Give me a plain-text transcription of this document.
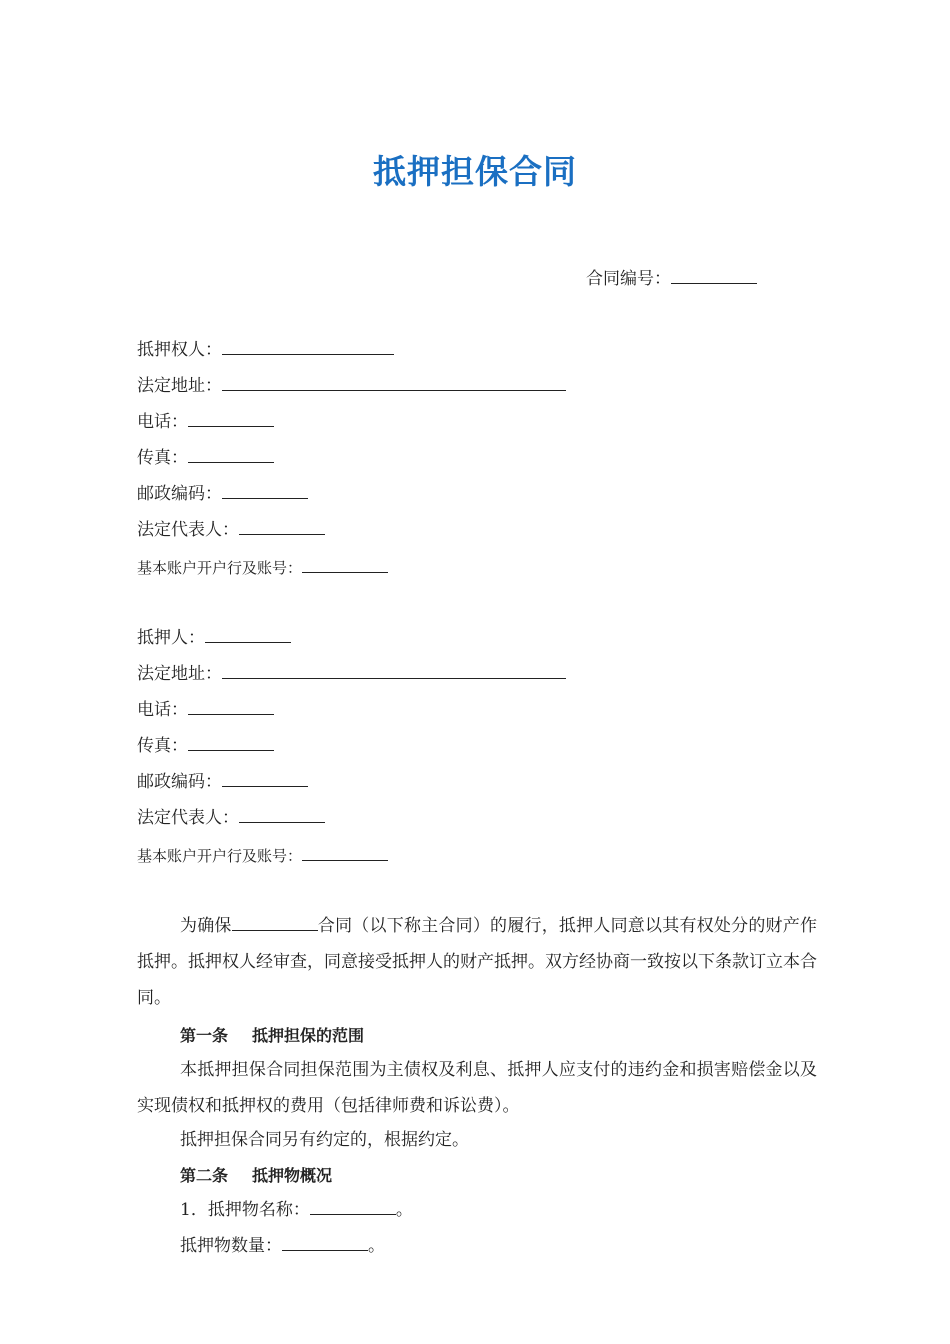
抵押担保合同
合同编号：
抵押权人：
法定地址：
电话：
传真：
邮政编码：
法定代表人：
基本账户开户行及账号：
抵押人：
法定地址：
电话：
传真：
邮政编码：
法定代表人：
基本账户开户行及账号：
为确保	合同（以下称主合同）的履行，抵押人同意以其有权处分的财产作抵押。抵押权人经审查，同意接受抵押人的财产抵押。双方经协商一致按以下条款订立本合同。
第一条 抵押担保的范围
本抵押担保合同担保范围为主债权及利息、抵押人应支付的违约金和损害赔偿金以及实现债权和抵押权的费用（包括律师费和诉讼费）。
抵押担保合同另有约定的，根据约定。
第二条 抵押物概况
1．抵押物名称：	。
抵押物数量：	。
